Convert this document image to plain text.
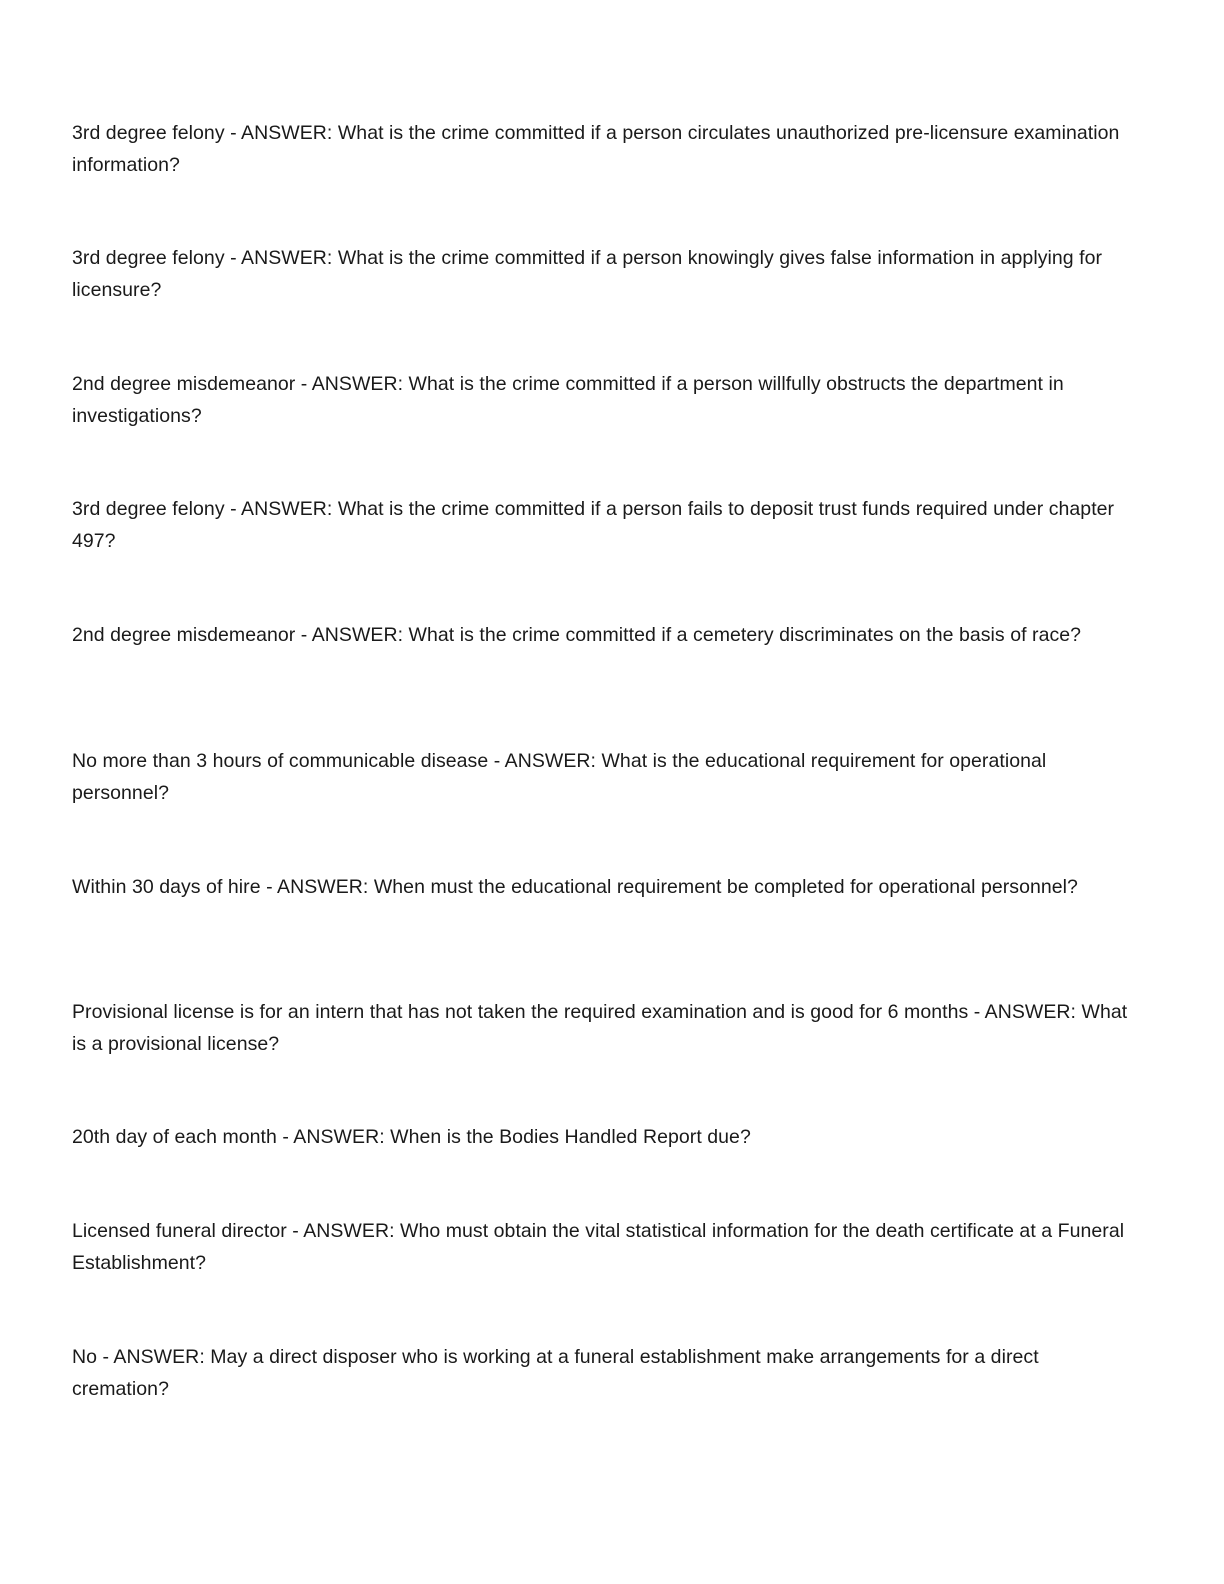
3rd degree felony - ANSWER: What is the crime committed if a person circulates unauthorized pre-licensure examination information?

3rd degree felony - ANSWER: What is the crime committed if a person knowingly gives false information in applying for licensure?

2nd degree misdemeanor - ANSWER: What is the crime committed if a person willfully obstructs the department in investigations?

3rd degree felony - ANSWER: What is the crime committed if a person fails to deposit trust funds required under chapter 497?

2nd degree misdemeanor - ANSWER: What is the crime committed if a cemetery discriminates on the basis of race?

No more than 3 hours of communicable disease - ANSWER: What is the educational requirement for operational personnel?

Within 30 days of hire - ANSWER: When must the educational requirement be completed for operational personnel?

Provisional license is for an intern that has not taken the required examination and is good for 6 months - ANSWER: What is a provisional license?

20th day of each month - ANSWER: When is the Bodies Handled Report due?

Licensed funeral director - ANSWER: Who must obtain the vital statistical information for the death certificate at a Funeral Establishment?

No - ANSWER: May a direct disposer who is working at a funeral establishment make arrangements for a direct cremation?
